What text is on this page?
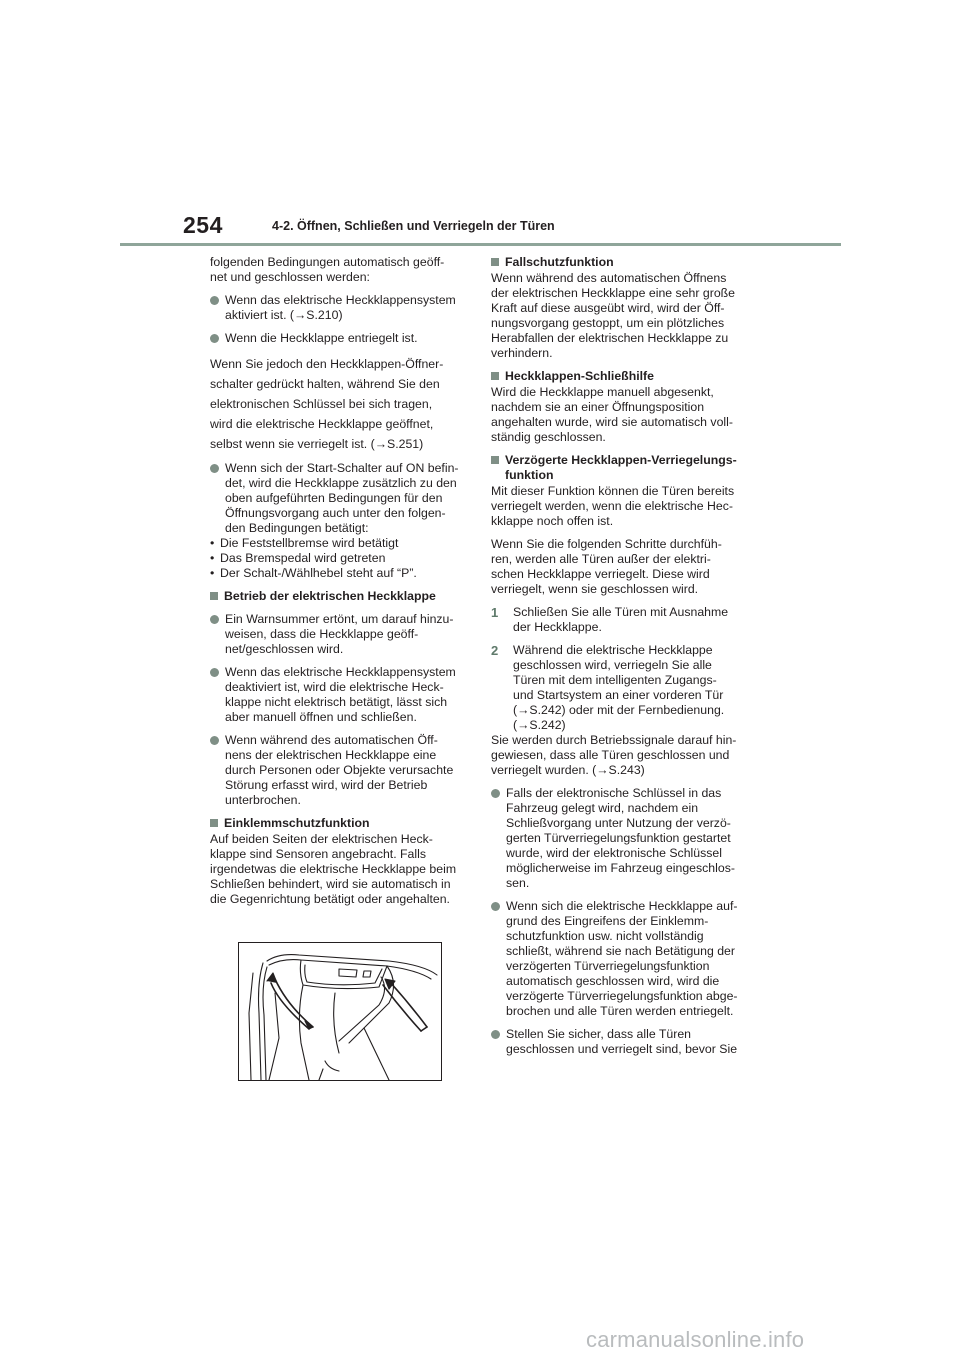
254	4-2. Öffnen, Schließen und Verriegeln der Türen
folgenden Bedingungen automatisch geöff-
net und geschlossen werden:
Wenn das elektrische Heckklappensystem
aktiviert ist. (→S.210)
Wenn die Heckklappe entriegelt ist.
Wenn Sie jedoch den Heckklappen-Öffner-
schalter gedrückt halten, während Sie den
elektronischen Schlüssel bei sich tragen,
wird die elektrische Heckklappe geöffnet,
selbst wenn sie verriegelt ist. (→S.251)
Wenn sich der Start-Schalter auf ON befin-
det, wird die Heckklappe zusätzlich zu den
oben aufgeführten Bedingungen für den
Öffnungsvorgang auch unter den folgen-
den Bedingungen betätigt:
• Die Feststellbremse wird betätigt
• Das Bremspedal wird getreten
• Der Schalt-/Wählhebel steht auf “P”.
Betrieb der elektrischen Heckklappe
Ein Warnsummer ertönt, um darauf hinzu-
weisen, dass die Heckklappe geöff-
net/geschlossen wird.
Wenn das elektrische Heckklappensystem
deaktiviert ist, wird die elektrische Heck-
klappe nicht elektrisch betätigt, lässt sich
aber manuell öffnen und schließen.
Wenn während des automatischen Öff-
nens der elektrischen Heckklappe eine
durch Personen oder Objekte verursachte
Störung erfasst wird, wird der Betrieb
unterbrochen.
Einklemmschutzfunktion
Auf beiden Seiten der elektrischen Heck-
klappe sind Sensoren angebracht. Falls
irgendetwas die elektrische Heckklappe beim
Schließen behindert, wird sie automatisch in
die Gegenrichtung betätigt oder angehalten.
Fallschutzfunktion
Wenn während des automatischen Öffnens
der elektrischen Heckklappe eine sehr große
Kraft auf diese ausgeübt wird, wird der Öff-
nungsvorgang gestoppt, um ein plötzliches
Herabfallen der elektrischen Heckklappe zu
verhindern.
Heckklappen-Schließhilfe
Wird die Heckklappe manuell abgesenkt,
nachdem sie an einer Öffnungsposition
angehalten wurde, wird sie automatisch voll-
ständig geschlossen.
Verzögerte Heckklappen-Verriegelungs-
funktion
Mit dieser Funktion können die Türen bereits
verriegelt werden, wenn die elektrische Hec-
kklappe noch offen ist.
Wenn Sie die folgenden Schritte durchfüh-
ren, werden alle Türen außer der elektri-
schen Heckklappe verriegelt. Diese wird
verriegelt, wenn sie geschlossen wird.
1 Schließen Sie alle Türen mit Ausnahme
der Heckklappe.
2 Während die elektrische Heckklappe
geschlossen wird, verriegeln Sie alle
Türen mit dem intelligenten Zugangs-
und Startsystem an einer vorderen Tür
(→S.242) oder mit der Fernbedienung.
(→S.242)
Sie werden durch Betriebssignale darauf hin-
gewiesen, dass alle Türen geschlossen und
verriegelt wurden. (→S.243)
Falls der elektronische Schlüssel in das
Fahrzeug gelegt wird, nachdem ein
Schließvorgang unter Nutzung der verzö-
gerten Türverriegelungsfunktion gestartet
wurde, wird der elektronische Schlüssel
möglicherweise im Fahrzeug eingeschlos-
sen.
Wenn sich die elektrische Heckklappe auf-
grund des Eingreifens der Einklemm-
schutzfunktion usw. nicht vollständig
schließt, während sie nach Betätigung der
verzögerten Türverriegelungsfunktion
automatisch geschlossen wird, wird die
verzögerte Türverriegelungsfunktion abge-
brochen und alle Türen werden entriegelt.
Stellen Sie sicher, dass alle Türen
geschlossen und verriegelt sind, bevor Sie
carmanualsonline.info
